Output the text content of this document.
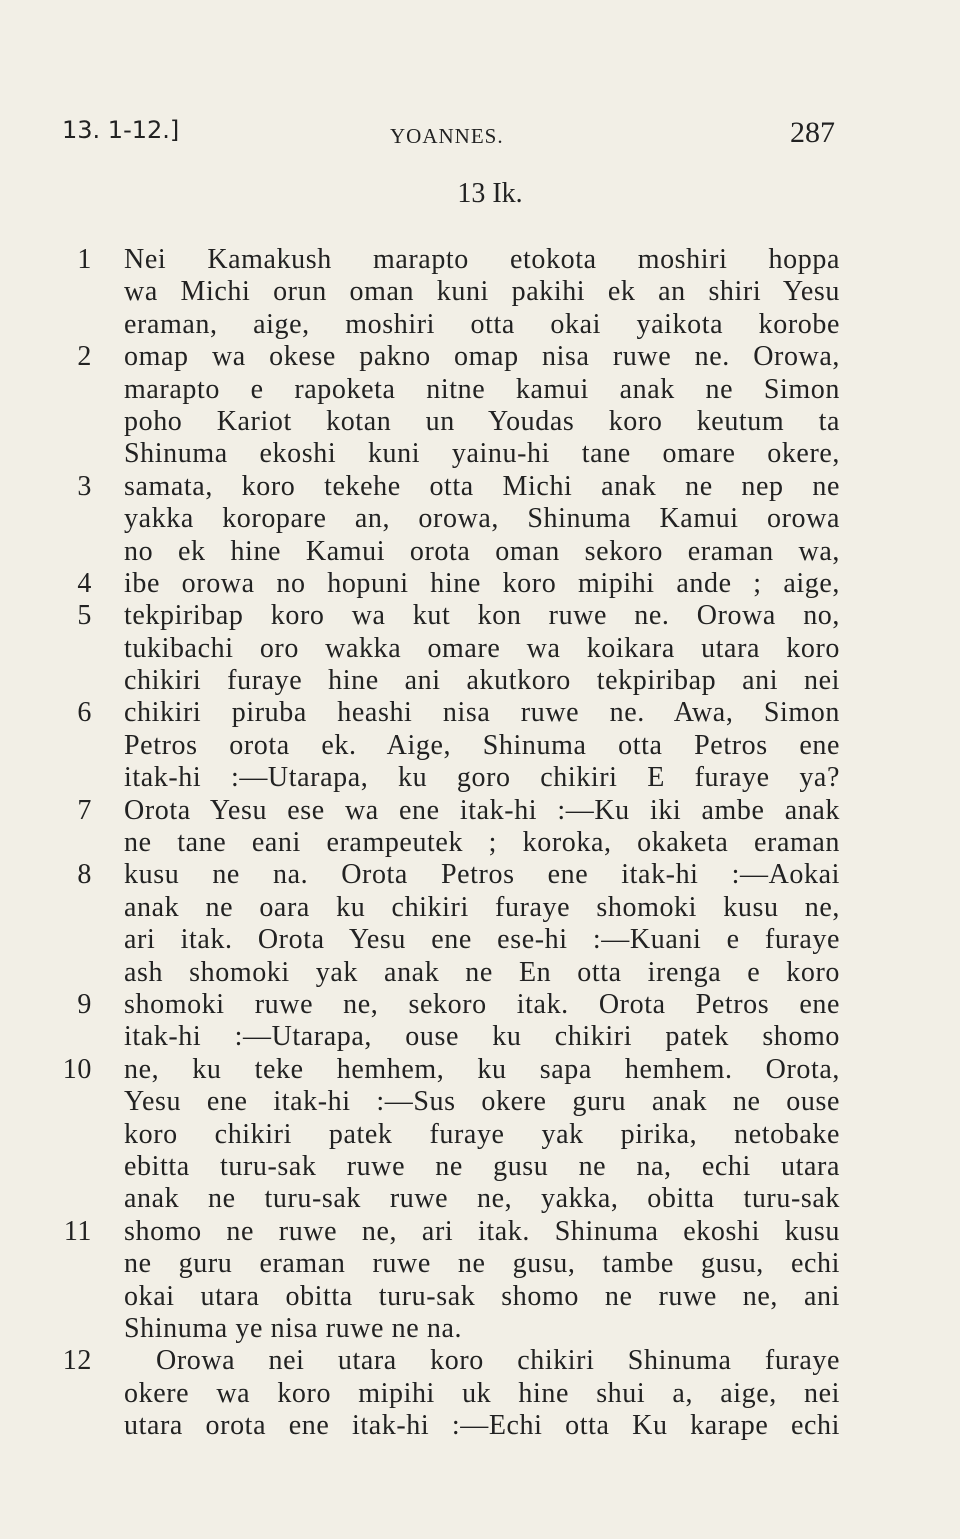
13. 1-12.]	YOANNES.	287
13 Ik.
1 Nei Kamakush marapto etokota moshiri hoppa
wa Michi orun oman kuni pakihi ek an shiri Yesu
eraman, aige, moshiri otta okai yaikota korobe
2 omap wa okese pakno omap nisa ruwe ne. Orowa,
marapto e rapoketa nitne kamui anak ne Simon
poho Kariot kotan un Youdas koro keutum ta
Shinuma ekoshi kuni yainu-hi tane omare okere,
3 samata, koro tekehe otta Michi anak ne nep ne
yakka koropare an, orowa, Shinuma Kamui orowa
no ek hine Kamui orota oman sekoro eraman wa,
4 ibe orowa no hopuni hine koro mipihi ande ; aige,
5 tekpiribap koro wa kut kon ruwe ne. Orowa no,
tukibachi oro wakka omare wa koikara utara koro
chikiri furaye hine ani akutkoro tekpiribap ani nei
6 chikiri piruba heashi nisa ruwe ne. Awa, Simon
Petros orota ek. Aige, Shinuma otta Petros ene
itak-hi :—Utarapa, ku goro chikiri E furaye ya?
7 Orota Yesu ese wa ene itak-hi :—Ku iki ambe anak
ne tane eani erampeutek ; koroka, okaketa eraman
8 kusu ne na. Orota Petros ene itak-hi :—Aokai
anak ne oara ku chikiri furaye shomoki kusu ne,
ari itak. Orota Yesu ene ese-hi :—Kuani e furaye
ash shomoki yak anak ne En otta irenga e koro
9 shomoki ruwe ne, sekoro itak. Orota Petros ene
itak-hi :—Utarapa, ouse ku chikiri patek shomo
10 ne, ku teke hemhem, ku sapa hemhem. Orota,
Yesu ene itak-hi :—Sus okere guru anak ne ouse
koro chikiri patek furaye yak pirika, netobake
ebitta turu-sak ruwe ne gusu ne na, echi utara
anak ne turu-sak ruwe ne, yakka, obitta turu-sak
11 shomo ne ruwe ne, ari itak. Shinuma ekoshi kusu
ne guru eraman ruwe ne gusu, tambe gusu, echi
okai utara obitta turu-sak shomo ne ruwe ne, ani
Shinuma ye nisa ruwe ne na.
12 Orowa nei utara koro chikiri Shinuma furaye
okere wa koro mipihi uk hine shui a, aige, nei
utara orota ene itak-hi :—Echi otta Ku karape echi
